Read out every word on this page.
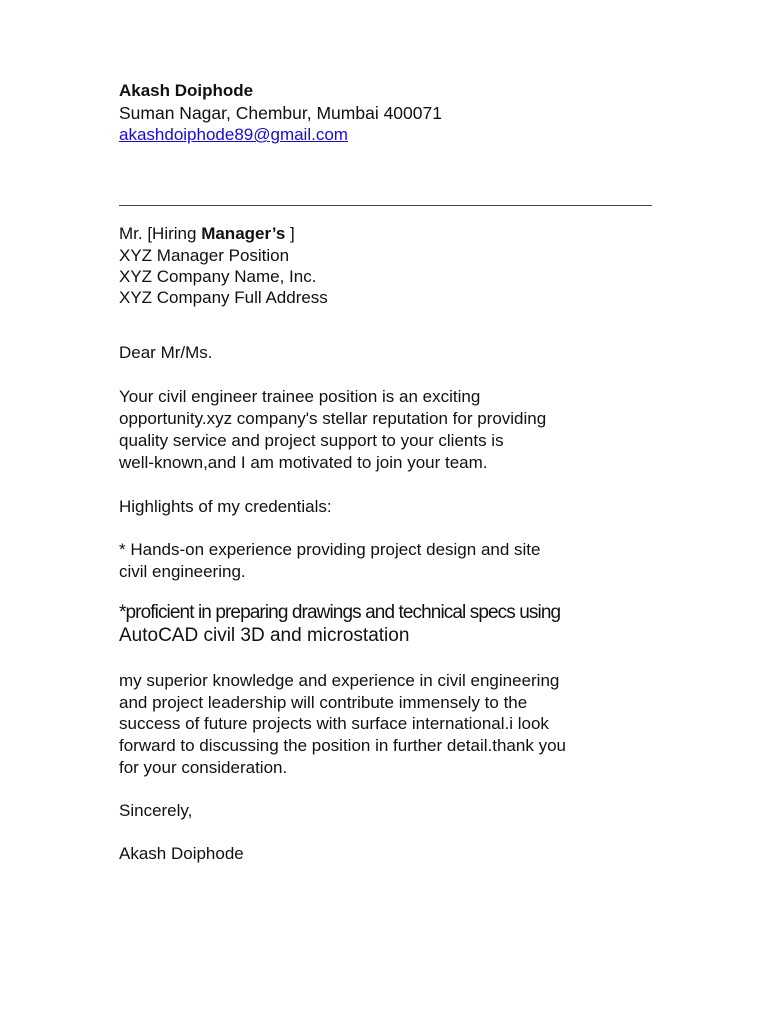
Akash Doiphode
Suman Nagar, Chembur, Mumbai 400071
akashdoiphode89@gmail.com
Mr. [Hiring Manager’s ]
XYZ Manager Position
XYZ Company Name, Inc.
XYZ Company Full Address
Dear Mr/Ms.
Your civil engineer trainee position is an exciting
opportunity.xyz company's stellar reputation for providing
quality service and project support to your clients is
well-known,and I am motivated to join your team.
Highlights of my credentials:
* Hands-on experience providing project design and site
civil engineering.
*proficient in preparing drawings and technical specs using
AutoCAD civil 3D and microstation
my superior knowledge and experience in civil engineering
and project leadership will contribute immensely to the
success of future projects with surface international.i look
forward to discussing the position in further detail.thank you
for your consideration.
Sincerely,
Akash Doiphode
